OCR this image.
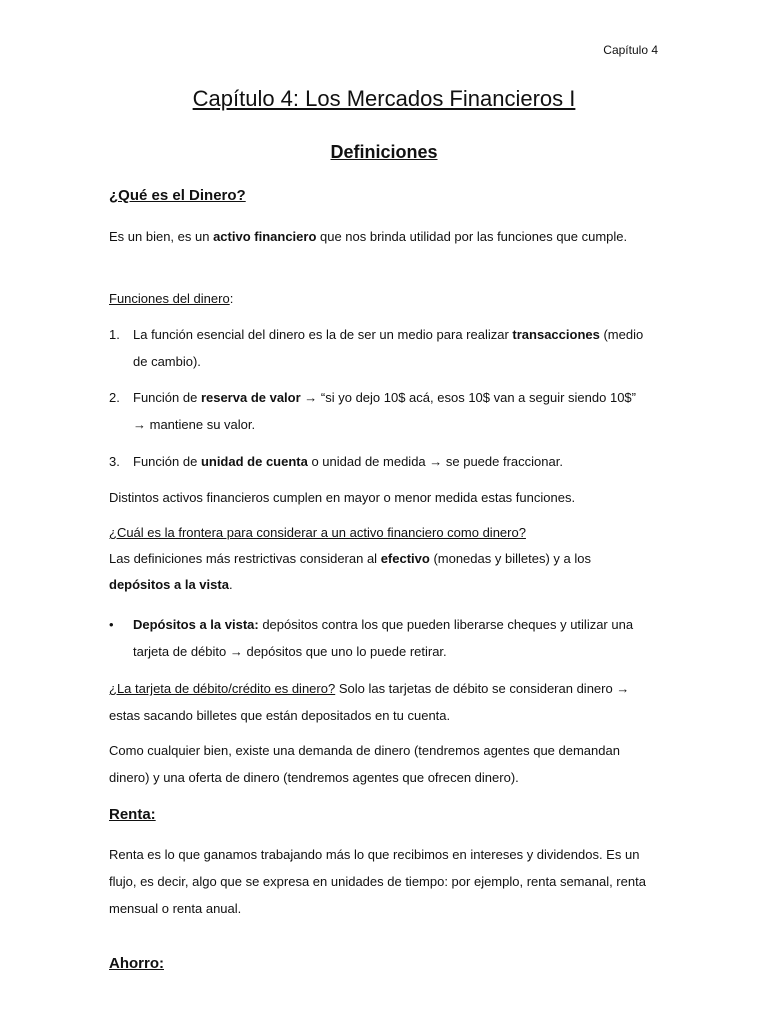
Capítulo 4
Capítulo 4: Los Mercados Financieros I
Definiciones
¿Qué es el Dinero?
Es un bien, es un activo financiero que nos brinda utilidad por las funciones que cumple.
Funciones del dinero:
1. La función esencial del dinero es la de ser un medio para realizar transacciones (medio de cambio).
2. Función de reserva de valor → “si yo dejo 10$ acá, esos 10$ van a seguir siendo 10$” → mantiene su valor.
3. Función de unidad de cuenta o unidad de medida → se puede fraccionar.
Distintos activos financieros cumplen en mayor o menor medida estas funciones.
¿Cuál es la frontera para considerar a un activo financiero como dinero?
Las definiciones más restrictivas consideran al efectivo (monedas y billetes) y a los depósitos a la vista.
• Depósitos a la vista: depósitos contra los que pueden liberarse cheques y utilizar una tarjeta de débito → depósitos que uno lo puede retirar.
¿La tarjeta de débito/crédito es dinero? Solo las tarjetas de débito se consideran dinero → estas sacando billetes que están depositados en tu cuenta.
Como cualquier bien, existe una demanda de dinero (tendremos agentes que demandan dinero) y una oferta de dinero (tendremos agentes que ofrecen dinero).
Renta:
Renta es lo que ganamos trabajando más lo que recibimos en intereses y dividendos. Es un flujo, es decir, algo que se expresa en unidades de tiempo: por ejemplo, renta semanal, renta mensual o renta anual.
Ahorro:
